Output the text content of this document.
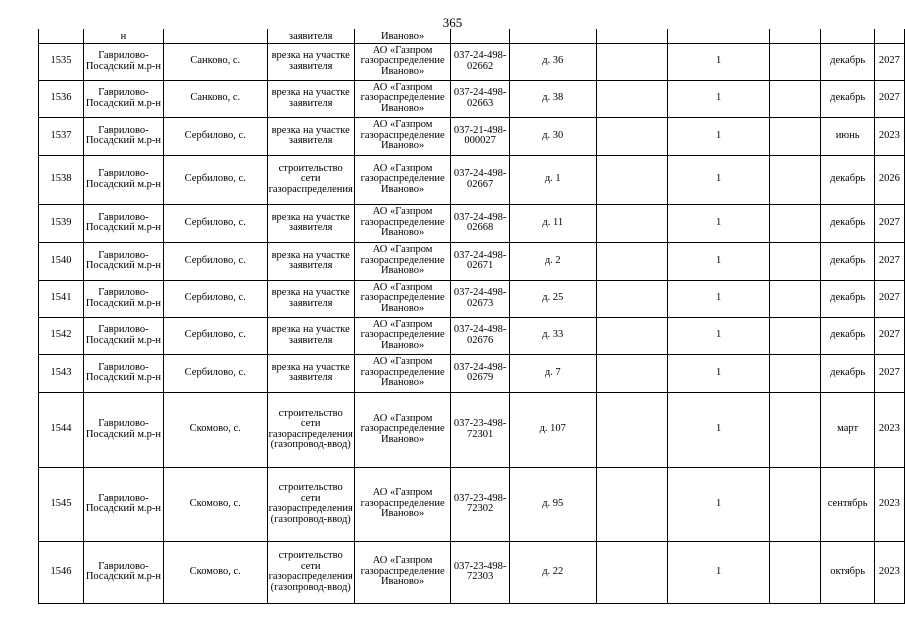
365
	н		заявителя	Иваново»							
1535	Гаврилово-Посадский м.р-н	Санково, с.	врезка на участке заявителя	АО «Газпром газораспределение Иваново»	037-24-498-02662	д. 36		1		декабрь	2027
1536	Гаврилово-Посадский м.р-н	Санково, с.	врезка на участке заявителя	АО «Газпром газораспределение Иваново»	037-24-498-02663	д. 38		1		декабрь	2027
1537	Гаврилово-Посадский м.р-н	Сербилово, с.	врезка на участке заявителя	АО «Газпром газораспределение Иваново»	037-21-498-000027	д. 30		1		июнь	2023
1538	Гаврилово-Посадский м.р-н	Сербилово, с.	строительство сети газораспределения	АО «Газпром газораспределение Иваново»	037-24-498-02667	д. 1		1		декабрь	2026
1539	Гаврилово-Посадский м.р-н	Сербилово, с.	врезка на участке заявителя	АО «Газпром газораспределение Иваново»	037-24-498-02668	д. 11		1		декабрь	2027
1540	Гаврилово-Посадский м.р-н	Сербилово, с.	врезка на участке заявителя	АО «Газпром газораспределение Иваново»	037-24-498-02671	д. 2		1		декабрь	2027
1541	Гаврилово-Посадский м.р-н	Сербилово, с.	врезка на участке заявителя	АО «Газпром газораспределение Иваново»	037-24-498-02673	д. 25		1		декабрь	2027
1542	Гаврилово-Посадский м.р-н	Сербилово, с.	врезка на участке заявителя	АО «Газпром газораспределение Иваново»	037-24-498-02676	д. 33		1		декабрь	2027
1543	Гаврилово-Посадский м.р-н	Сербилово, с.	врезка на участке заявителя	АО «Газпром газораспределение Иваново»	037-24-498-02679	д. 7		1		декабрь	2027
1544	Гаврилово-Посадский м.р-н	Скомово, с.	строительство сети газораспределения (газопровод-ввод)	АО «Газпром газораспределение Иваново»	037-23-498-72301	д. 107		1		март	2023
1545	Гаврилово-Посадский м.р-н	Скомово, с.	строительство сети газораспределения (газопровод-ввод)	АО «Газпром газораспределение Иваново»	037-23-498-72302	д. 95		1		сентябрь	2023
1546	Гаврилово-Посадский м.р-н	Скомово, с.	строительство сети газораспределения (газопровод-ввод)	АО «Газпром газораспределение Иваново»	037-23-498-72303	д. 22		1		октябрь	2023
